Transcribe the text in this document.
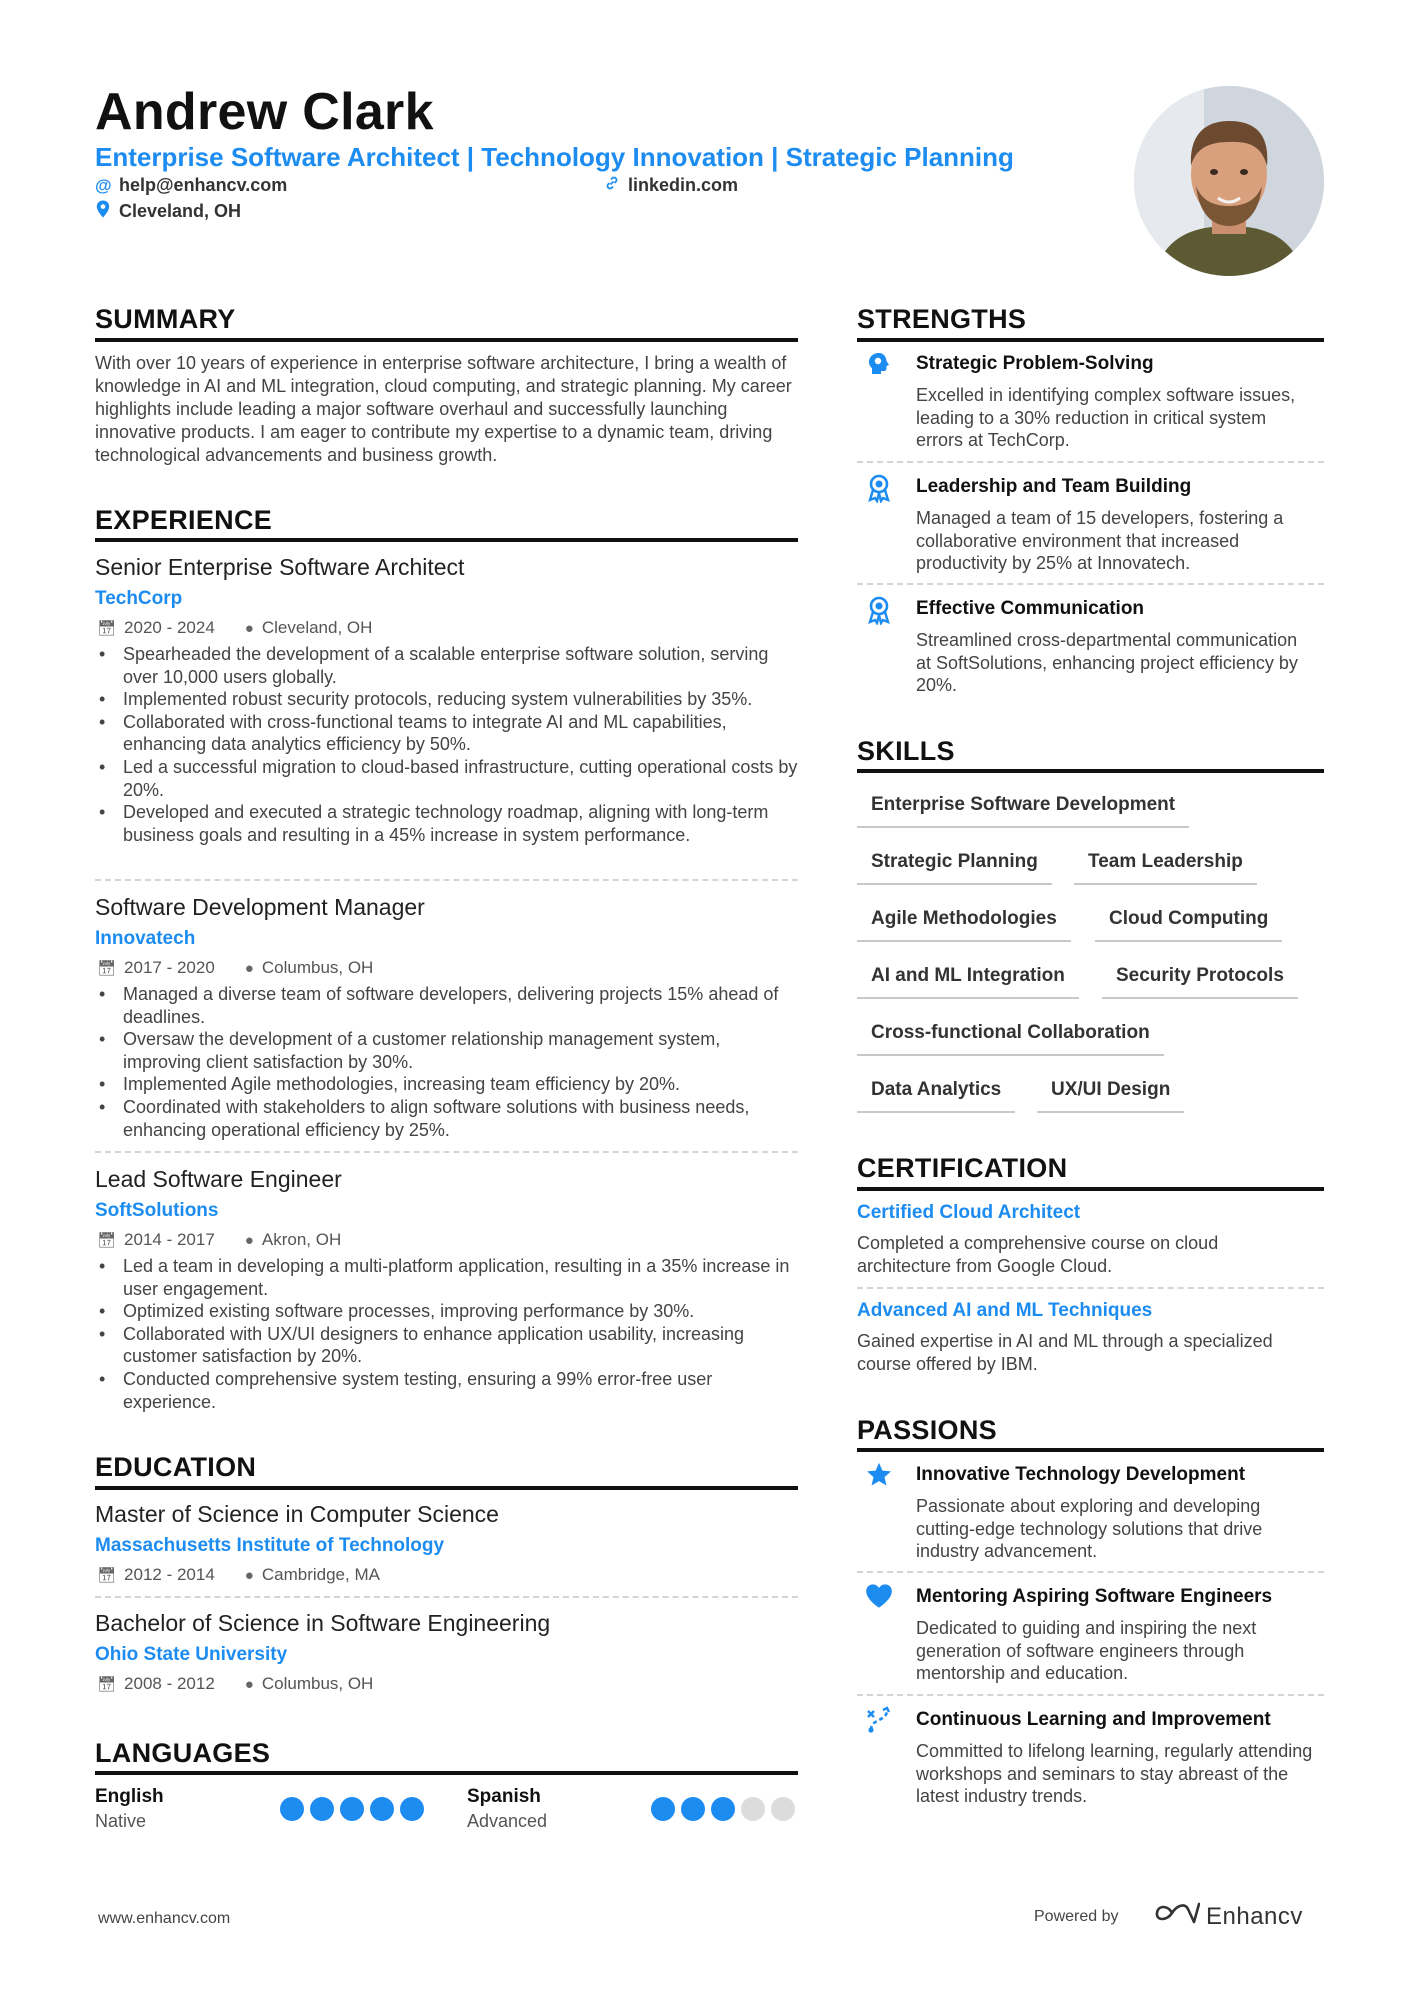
Andrew Clark
Enterprise Software Architect | Technology Innovation | Strategic Planning
@ help@enhancv.com	linkedin.com
Cleveland, OH
SUMMARY
With over 10 years of experience in enterprise software architecture, I bring a wealth of knowledge in AI and ML integration, cloud computing, and strategic planning. My career highlights include leading a major software overhaul and successfully launching innovative products. I am eager to contribute my expertise to a dynamic team, driving technological advancements and business growth.
EXPERIENCE
Senior Enterprise Software Architect
TechCorp
📅︎ 2020 - 2024 ● Cleveland, OH
• Spearheaded the development of a scalable enterprise software solution, serving over 10,000 users globally.
• Implemented robust security protocols, reducing system vulnerabilities by 35%.
• Collaborated with cross-functional teams to integrate AI and ML capabilities, enhancing data analytics efficiency by 50%.
• Led a successful migration to cloud-based infrastructure, cutting operational costs by 20%.
• Developed and executed a strategic technology roadmap, aligning with long-term business goals and resulting in a 45% increase in system performance.
Software Development Manager
Innovatech
📅︎ 2017 - 2020 ● Columbus, OH
• Managed a diverse team of software developers, delivering projects 15% ahead of deadlines.
• Oversaw the development of a customer relationship management system, improving client satisfaction by 30%.
• Implemented Agile methodologies, increasing team efficiency by 20%.
• Coordinated with stakeholders to align software solutions with business needs, enhancing operational efficiency by 25%.
Lead Software Engineer
SoftSolutions
📅︎ 2014 - 2017 ● Akron, OH
• Led a team in developing a multi-platform application, resulting in a 35% increase in user engagement.
• Optimized existing software processes, improving performance by 30%.
• Collaborated with UX/UI designers to enhance application usability, increasing customer satisfaction by 20%.
• Conducted comprehensive system testing, ensuring a 99% error-free user experience.
EDUCATION
Master of Science in Computer Science
Massachusetts Institute of Technology
📅︎ 2012 - 2014 ● Cambridge, MA
Bachelor of Science in Software Engineering
Ohio State University
📅︎ 2008 - 2012 ● Columbus, OH
LANGUAGES
English
Native
Spanish
Advanced
STRENGTHS
Strategic Problem-Solving
Excelled in identifying complex software issues, leading to a 30% reduction in critical system errors at TechCorp.
Leadership and Team Building
Managed a team of 15 developers, fostering a collaborative environment that increased productivity by 25% at Innovatech.
Effective Communication
Streamlined cross-departmental communication at SoftSolutions, enhancing project efficiency by 20%.
SKILLS
Enterprise Software Development
Strategic Planning	Team Leadership
Agile Methodologies	Cloud Computing
AI and ML Integration	Security Protocols
Cross-functional Collaboration
Data Analytics	UX/UI Design
CERTIFICATION
Certified Cloud Architect
Completed a comprehensive course on cloud architecture from Google Cloud.
Advanced AI and ML Techniques
Gained expertise in AI and ML through a specialized course offered by IBM.
PASSIONS
Innovative Technology Development
Passionate about exploring and developing cutting-edge technology solutions that drive industry advancement.
Mentoring Aspiring Software Engineers
Dedicated to guiding and inspiring the next generation of software engineers through mentorship and education.
Continuous Learning and Improvement
Committed to lifelong learning, regularly attending workshops and seminars to stay abreast of the latest industry trends.
www.enhancv.com	Powered by	Enhancv
